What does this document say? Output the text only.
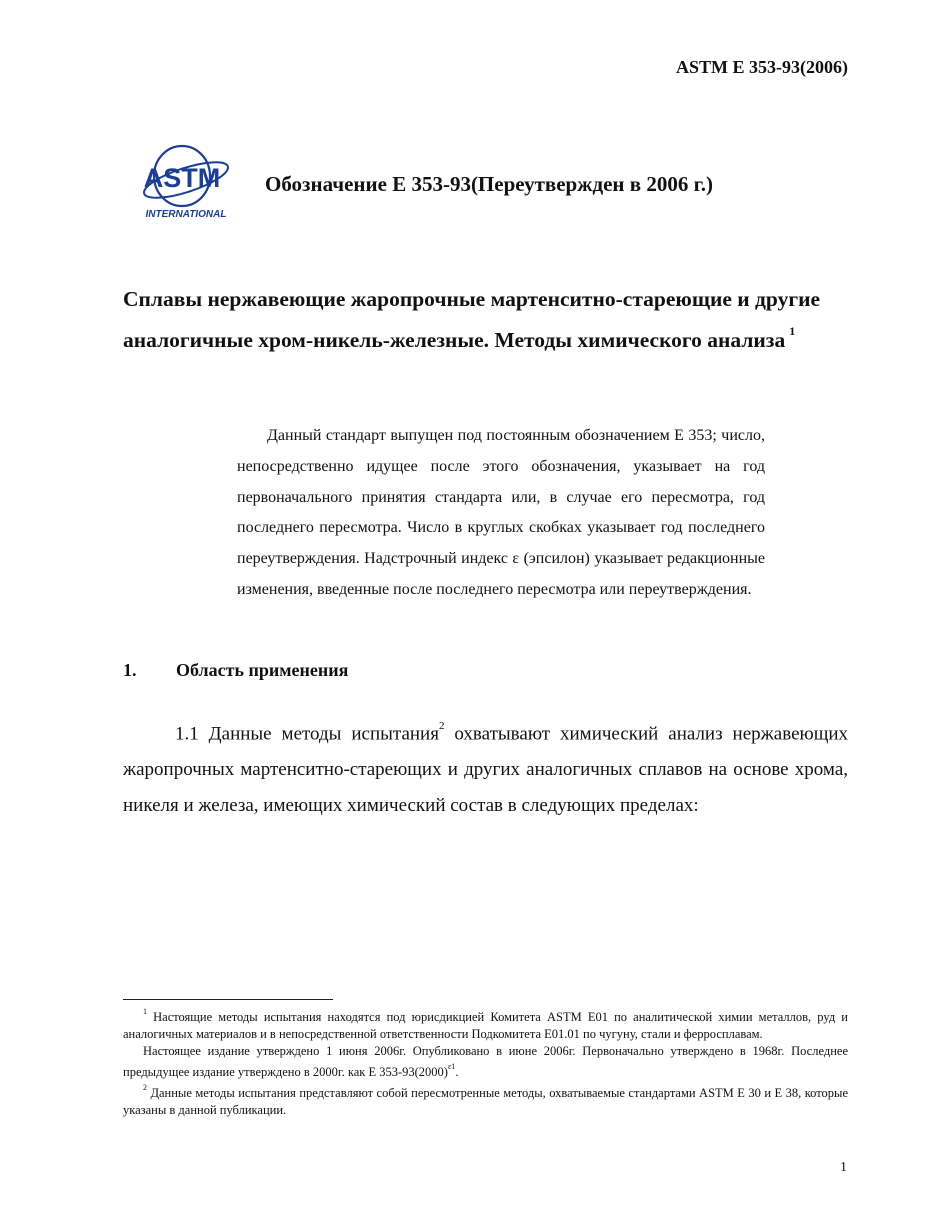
ASTM E 353-93(2006)
ASTM
INTERNATIONAL
Обозначение Е 353-93(Переутвержден в 2006 г.)
Сплавы нержавеющие жаропрочные мартенситно-стареющие и другие аналогичные хром-никель-железные. Методы химического анализа $^1$

Данный стандарт выпущен под постоянным обозначением Е 353; число, непосредственно идущее после этого обозначения, указывает на год первоначального принятия стандарта или, в случае его пересмотра, год последнего пересмотра. Число в круглых скобках указывает год последнего переутверждения. Надстрочный индекс ε (эпсилон) указывает редакционные изменения, введенные после последнего пересмотра или переутверждения.

1. Область применения

1.1 Данные методы испытания$^2$ охватывают химический анализ нержавеющих жаропрочных мартенситно-стареющих и других аналогичных сплавов на основе хрома, никеля и железа, имеющих химический состав в следующих пределах:

$^1$ Настоящие методы испытания находятся под юрисдикцией Комитета ASTM E01 по аналитической химии металлов, руд и аналогичных материалов и в непосредственной ответственности Подкомитета E01.01 по чугуну, стали и ферросплавам.

Настоящее издание утверждено 1 июня 2006г. Опубликовано в июне 2006г. Первоначально утверждено в 1968г. Последнее предыдущее издание утверждено в 2000г. как E $353-93(2000)^{\varepsilon 1}$.

$^2$ Данные методы испытания представляют собой пересмотренные методы, охватываемые стандартами ASTM E 30 и E 38, которые указаны в данной публикации.

1
